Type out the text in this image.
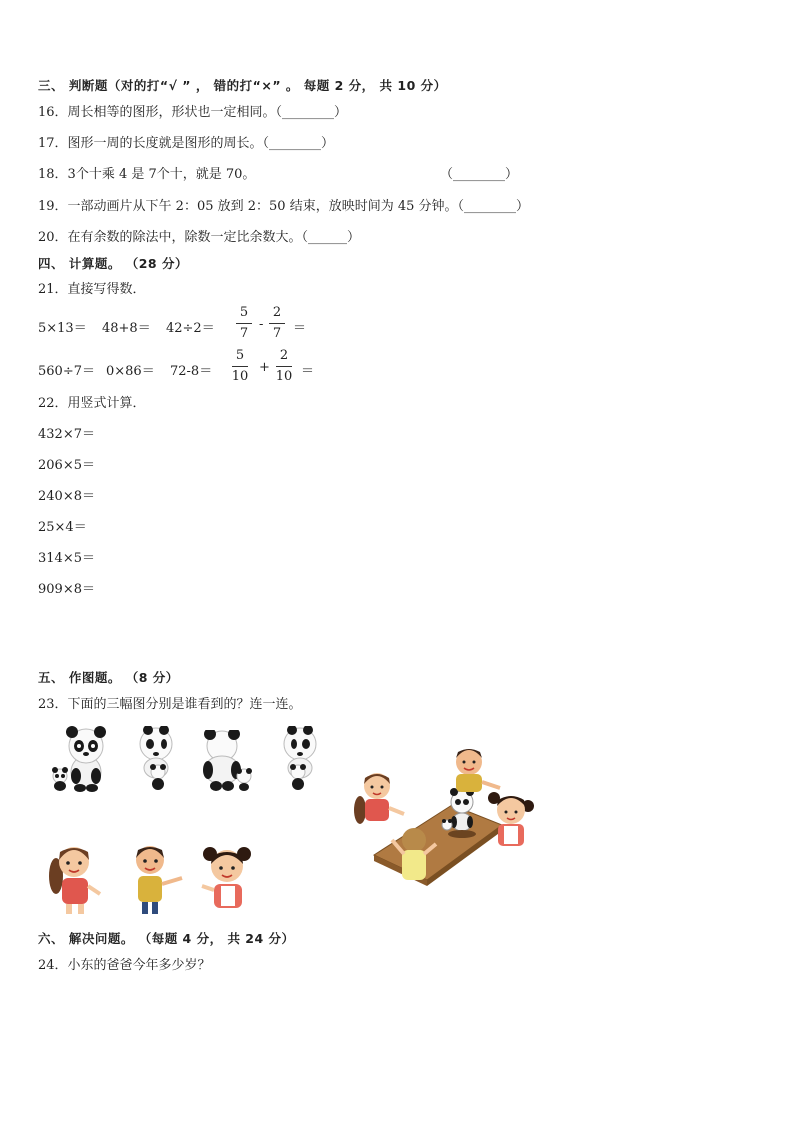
三、 判断题（对的打“√ ” ， 错的打“×” 。 每题 2 分， 共 10 分）
16．周长相等的图形，形状也一定相同。（________）
17．图形一周的长度就是图形的周长。（________）
18．3个十乘 4 是 7个十，就是 70。	（________）
19．一部动画片从下午 2：05 放到 2：50 结束，放映时间为 45 分钟。（________）
20．在有余数的除法中，除数一定比余数大。（______）
四、 计算题。 （28 分）
21．直接写得数．
5×13＝ 48+8＝ 42÷2＝
5
7
-
2
7 ＝
560÷7＝ 0×86＝ 72-8＝
5
10
+
2
10 ＝
22．用竖式计算．
432×7＝
206×5＝
240×8＝
25×4＝
314×5＝
909×8＝
五、 作图题。 （8 分）
23．下面的三幅图分别是谁看到的？连一连。
六、 解决问题。 （每题 4 分， 共 24 分）
24．小东的爸爸今年多少岁？
